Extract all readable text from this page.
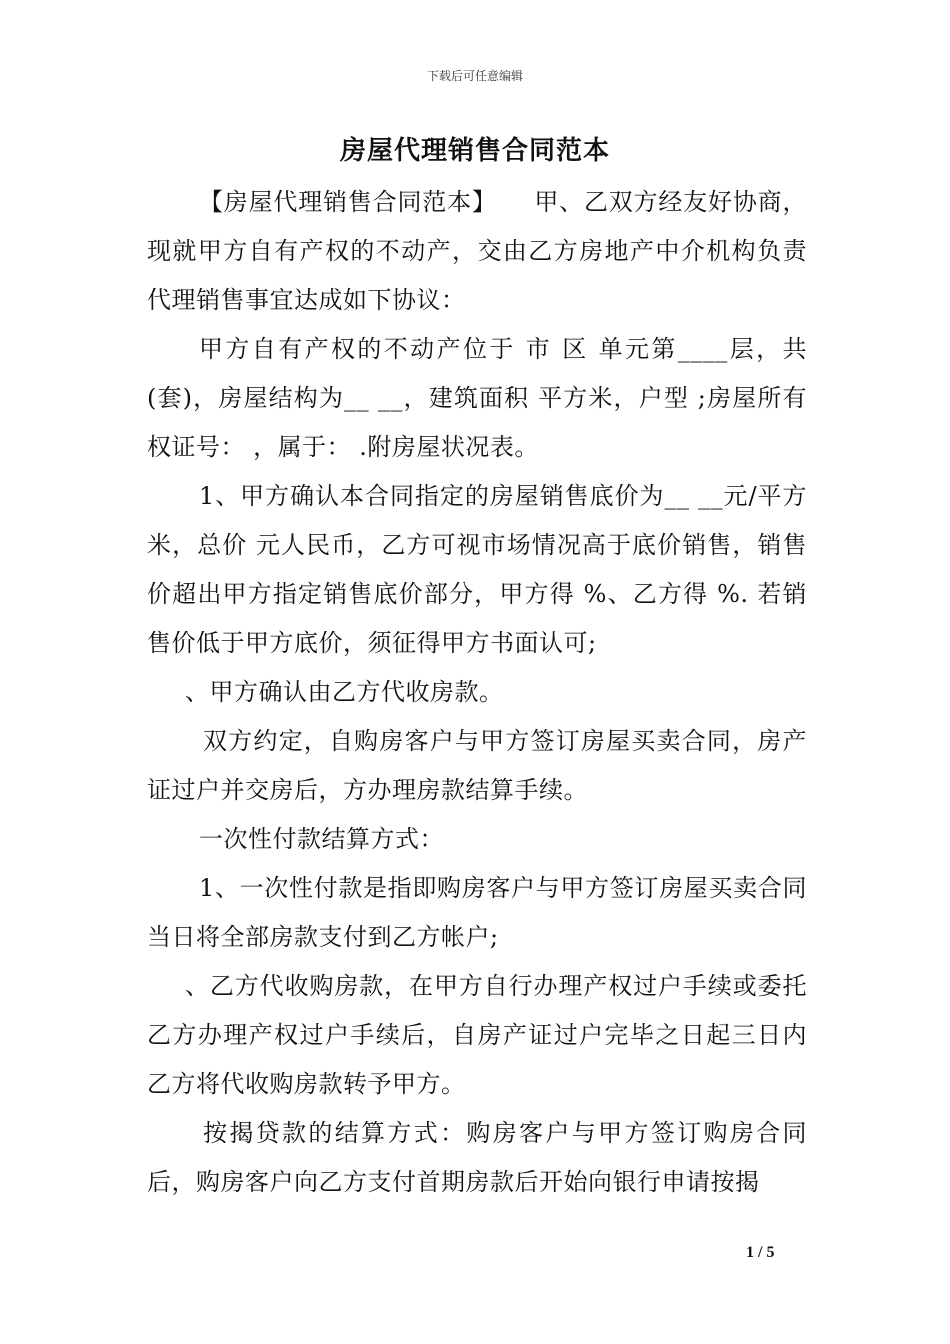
下载后可任意编辑
房屋代理销售合同范本

【房屋代理销售合同范本】　　甲、乙双方经友好协商，现就甲方自有产权的不动产，交由乙方房地产中介机构负责代理销售事宜达成如下协议：

甲方自有产权的不动产位于 市 区 单元第____层，共(套)，房屋结构为__ __，建筑面积 平方米，户型 ;房屋所有权证号： ，属于： .附房屋状况表。

1、甲方确认本合同指定的房屋销售底价为__ __元/平方米，总价 元人民币，乙方可视市场情况高于底价销售，销售价超出甲方指定销售底价部分，甲方得 %、乙方得 %. 若销售价低于甲方底价，须征得甲方书面认可;

、甲方确认由乙方代收房款。

双方约定，自购房客户与甲方签订房屋买卖合同，房产证过户并交房后，方办理房款结算手续。

一次性付款结算方式：

1、一次性付款是指即购房客户与甲方签订房屋买卖合同当日将全部房款支付到乙方帐户;

、乙方代收购房款，在甲方自行办理产权过户手续或委托乙方办理产权过户手续后，自房产证过户完毕之日起三日内乙方将代收购房款转予甲方。

按揭贷款的结算方式：购房客户与甲方签订购房合同后，购房客户向乙方支付首期房款后开始向银行申请按揭

1 / 5
